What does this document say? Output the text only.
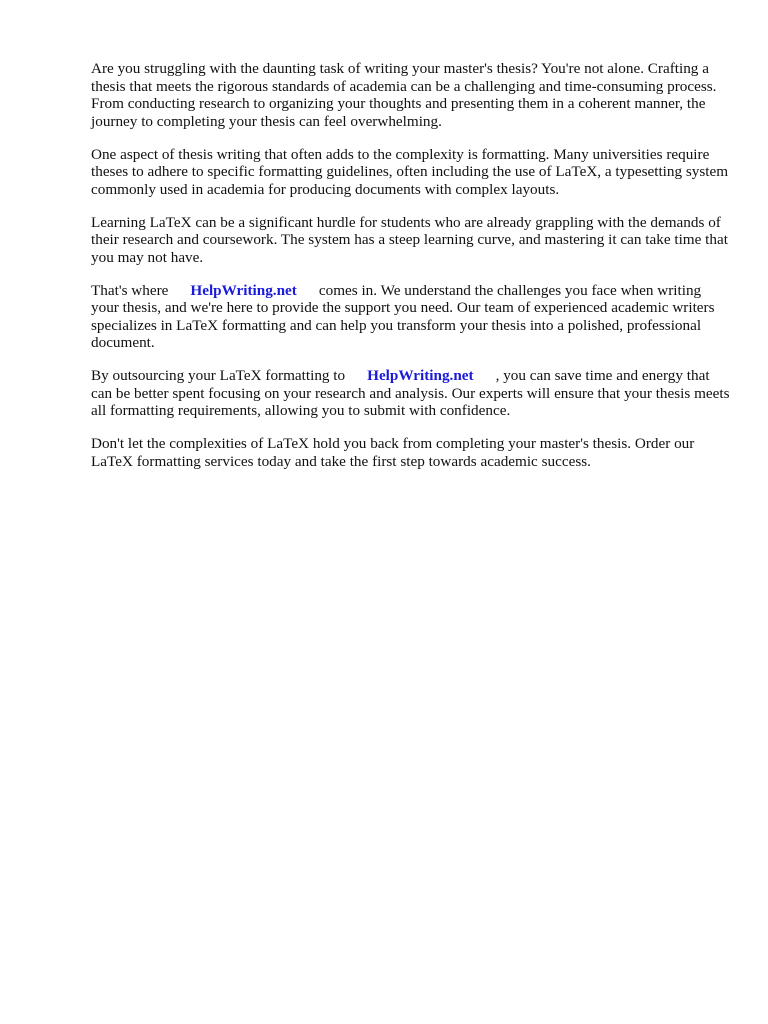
Are you struggling with the daunting task of writing your master's thesis? You're not alone. Crafting a thesis that meets the rigorous standards of academia can be a challenging and time-consuming process. From conducting research to organizing your thoughts and presenting them in a coherent manner, the journey to completing your thesis can feel overwhelming.

One aspect of thesis writing that often adds to the complexity is formatting. Many universities require theses to adhere to specific formatting guidelines, often including the use of LaTeX, a typesetting system commonly used in academia for producing documents with complex layouts.

Learning LaTeX can be a significant hurdle for students who are already grappling with the demands of their research and coursework. The system has a steep learning curve, and mastering it can take time that you may not have.

That's where HelpWriting.net comes in. We understand the challenges you face when writing your thesis, and we're here to provide the support you need. Our team of experienced academic writers specializes in LaTeX formatting and can help you transform your thesis into a polished, professional document.

By outsourcing your LaTeX formatting to HelpWriting.net , you can save time and energy that can be better spent focusing on your research and analysis. Our experts will ensure that your thesis meets all formatting requirements, allowing you to submit with confidence.

Don't let the complexities of LaTeX hold you back from completing your master's thesis. Order our LaTeX formatting services today and take the first step towards academic success.
